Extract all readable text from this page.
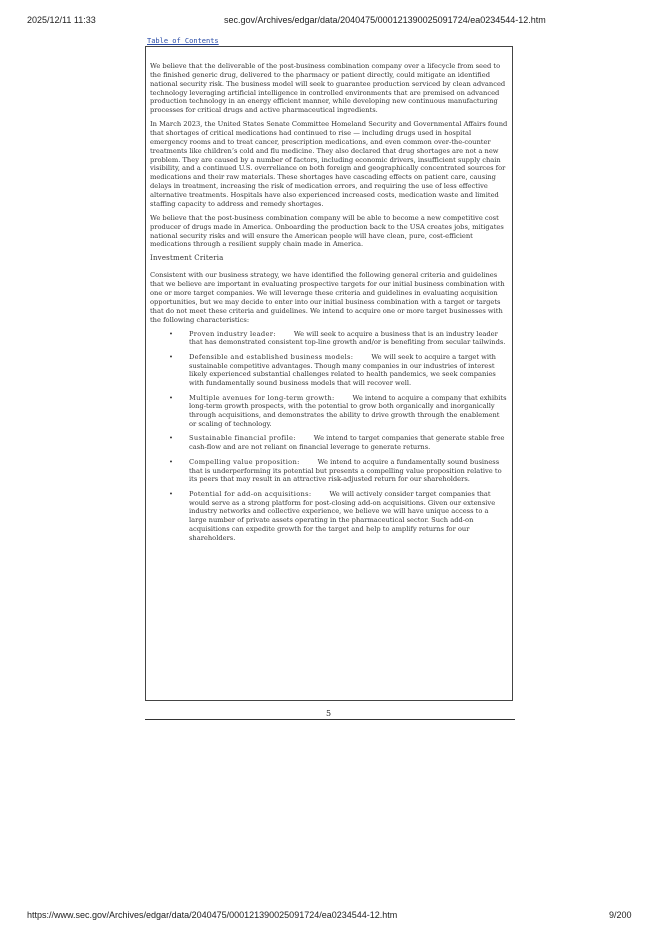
2025/12/11 11:33	sec.gov/Archives/edgar/data/2040475/000121390025091724/ea0234544-12.htm
Table of Contents

We believe that the deliverable of the post-business combination company over a lifecycle from seed to the finished generic drug, delivered to the pharmacy or patient directly, could mitigate an identified national security risk. The business model will seek to guarantee production serviced by clean advanced technology leveraging artificial intelligence in controlled environments that are premised on advanced production technology in an energy efficient manner, while developing new continuous manufacturing processes for critical drugs and active pharmaceutical ingredients.

In March 2023, the United States Senate Committee Homeland Security and Governmental Affairs found that shortages of critical medications had continued to rise — including drugs used in hospital emergency rooms and to treat cancer, prescription medications, and even common over-the-counter treatments like children’s cold and flu medicine. They also declared that drug shortages are not a new problem. They are caused by a number of factors, including economic drivers, insufficient supply chain visibility, and a continued U.S. overreliance on both foreign and geographically concentrated sources for medications and their raw materials. These shortages have cascading effects on patient care, causing delays in treatment, increasing the risk of medication errors, and requiring the use of less effective alternative treatments. Hospitals have also experienced increased costs, medication waste and limited staffing capacity to address and remedy shortages.

We believe that the post-business combination company will be able to become a new competitive cost producer of drugs made in America. Onboarding the production back to the USA creates jobs, mitigates national security risks and will ensure the American people will have clean, pure, cost-efficient medications through a resilient supply chain made in America.

Investment Criteria

Consistent with our business strategy, we have identified the following general criteria and guidelines that we believe are important in evaluating prospective targets for our initial business combination with one or more target companies. We will leverage these criteria and guidelines in evaluating acquisition opportunities, but we may decide to enter into our initial business combination with a target or targets that do not meet these criteria and guidelines. We intend to acquire one or more target businesses with the following characteristics:

• Proven industry leader:	We will seek to acquire a business that is an industry leader that has demonstrated consistent top-line growth and/or is benefiting from secular tailwinds.
• Defensible and established business models:	We will seek to acquire a target with sustainable competitive advantages. Though many companies in our industries of interest likely experienced substantial challenges related to health pandemics, we seek companies with fundamentally sound business models that will recover well.
• Multiple avenues for long-term growth:	We intend to acquire a company that exhibits long-term growth prospects, with the potential to grow both organically and inorganically through acquisitions, and demonstrates the ability to drive growth through the enablement or scaling of technology.
• Sustainable financial profile:	We intend to target companies that generate stable free cash-flow and are not reliant on financial leverage to generate returns.
• Compelling value proposition:	We intend to acquire a fundamentally sound business that is underperforming its potential but presents a compelling value proposition relative to its peers that may result in an attractive risk-adjusted return for our shareholders.
• Potential for add-on acquisitions:	We will actively consider target companies that would serve as a strong platform for post-closing add-on acquisitions. Given our extensive industry networks and collective experience, we believe we will have unique access to a large number of private assets operating in the pharmaceutical sector. Such add-on acquisitions can expedite growth for the target and help to amplify returns for our shareholders.
5
https://www.sec.gov/Archives/edgar/data/2040475/000121390025091724/ea0234544-12.htm	9/200
